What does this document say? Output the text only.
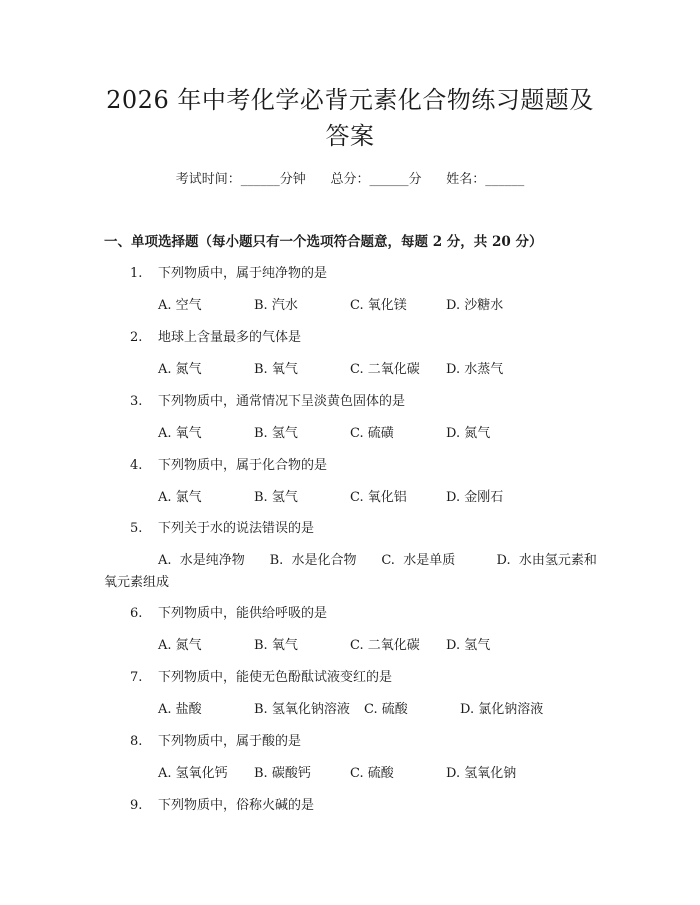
2026 年中考化学必背元素化合物练习题题及
答案
考试时间：______分钟      总分：______分      姓名：______
一、单项选择题（每小题只有一个选项符合题意，每题 2 分，共 20 分）
1. 下列物质中，属于纯净物的是
A. 空气	B. 汽水	C. 氧化镁	D. 沙糖水
2. 地球上含量最多的气体是
A. 氮气	B. 氧气	C. 二氧化碳 D. 水蒸气
3. 下列物质中，通常情况下呈淡黄色固体的是
A. 氧气	B. 氢气	C. 硫磺	D. 氮气
4. 下列物质中，属于化合物的是
A. 氯气	B. 氢气	C. 氧化铝	D. 金刚石
5. 下列关于水的说法错误的是
A.  水是纯净物      B.  水是化合物      C.  水是单质          D.  水由氢元素和
氧元素组成
6. 下列物质中，能供给呼吸的是
A. 氮气	B. 氧气	C. 二氧化碳 D. 氢气
7. 下列物质中，能使无色酚酞试液变红的是
A. 盐酸	B. 氢氧化钠溶液 C. 硫酸	D. 氯化钠溶液
8. 下列物质中，属于酸的是
A. 氢氧化钙 B. 碳酸钙	C. 硫酸	D. 氢氧化钠
9. 下列物质中，俗称火碱的是
